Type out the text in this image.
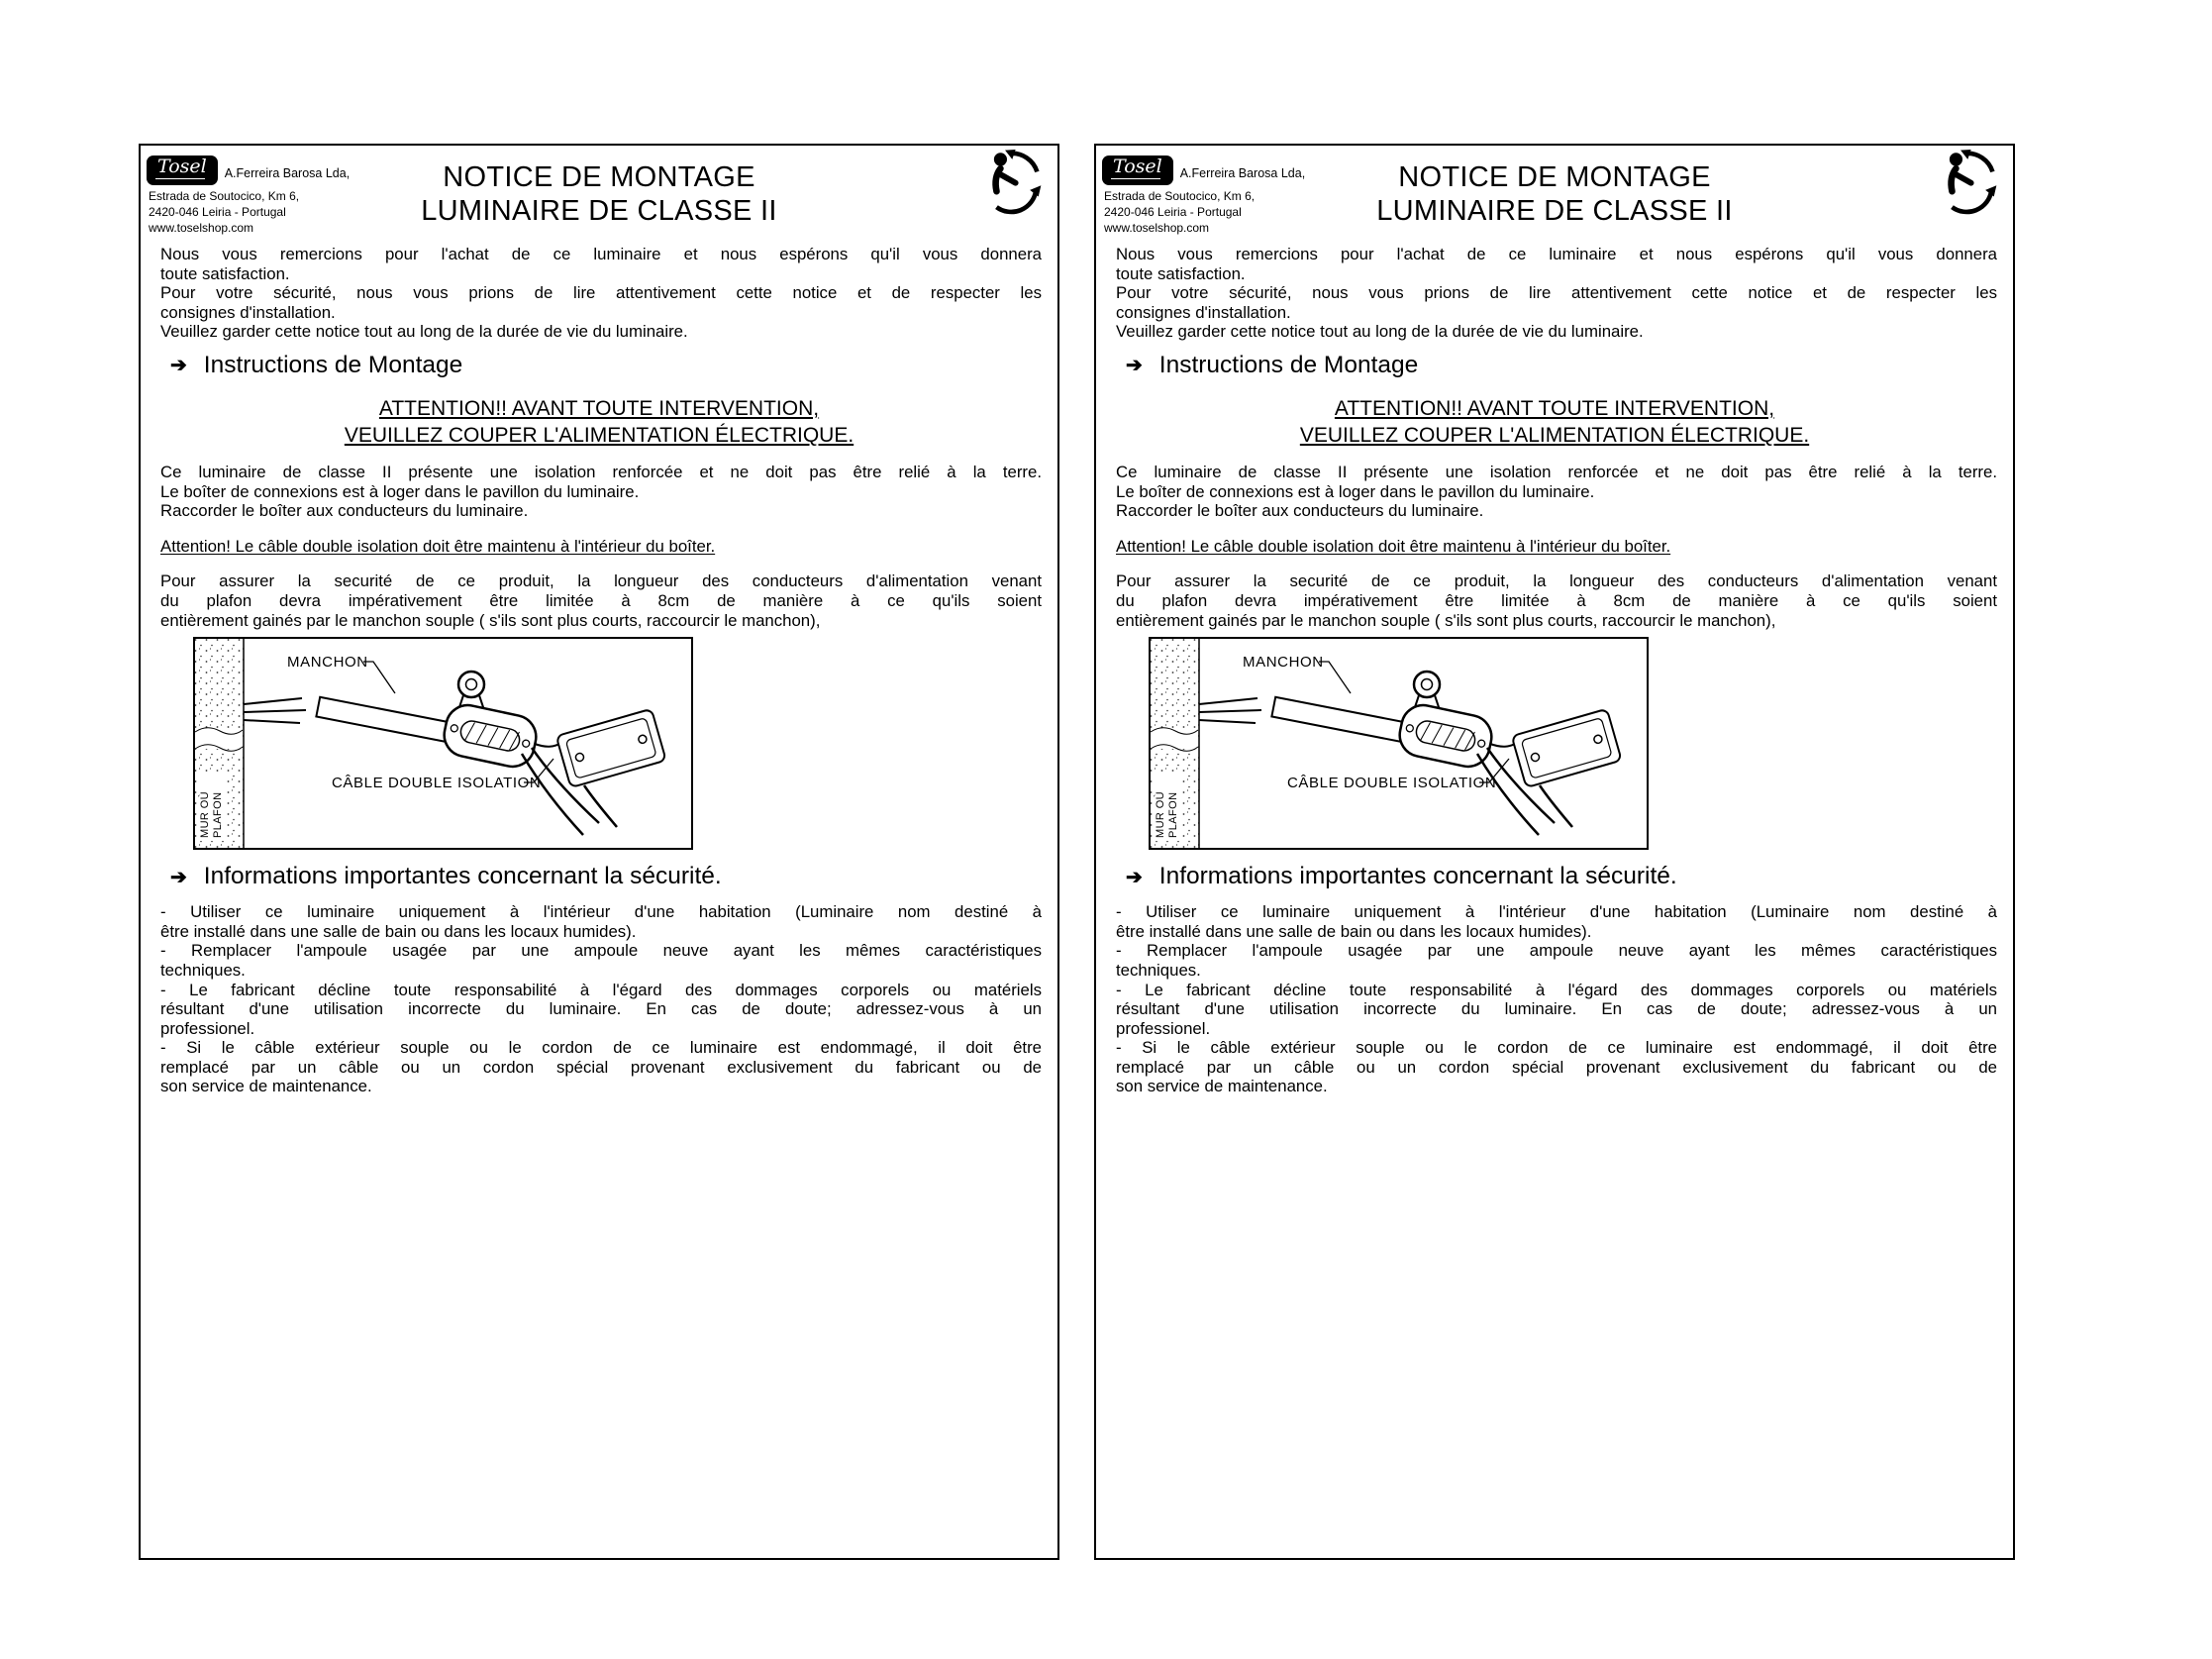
Tosel	A.Ferreira Barosa Lda,
Estrada de Soutocico, Km 6,
2420-046 Leiria - Portugal
www.toselshop.com
NOTICE DE MONTAGE
LUMINAIRE DE CLASSE II
Nous vous remercions pour l'achat de ce luminaire et nous espérons qu'il vous donnera
toute satisfaction.
Pour votre sécurité, nous vous prions de lire attentivement cette notice et de respecter les
consignes d'installation.
Veuillez garder cette notice tout au long de la durée de vie du luminaire.
➔ Instructions de Montage
ATTENTION!! AVANT TOUTE INTERVENTION,
VEUILLEZ COUPER L'ALIMENTATION ÉLECTRIQUE.
Ce luminaire de classe II présente une isolation renforcée et ne doit pas être relié à la terre.
Le boîter de connexions est à loger dans le pavillon du luminaire.
Raccorder le boîter aux conducteurs du luminaire.
Attention! Le câble double isolation doit être maintenu à l'intérieur du boîter.
Pour assurer la securité de ce produit, la longueur des conducteurs d'alimentation venant
du plafon devra impérativement être limitée à 8cm de manière à ce qu'ils soient
entièrement gainés par le manchon souple ( s'ils sont plus courts, raccourcir le manchon),
MANCHON
CÂBLE DOUBLE ISOLATION
MUR OÙ PLAFON
➔ Informations importantes concernant la sécurité.
- Utiliser ce luminaire uniquement à l'intérieur d'une habitation (Luminaire nom destiné à
être installé dans une salle de bain ou dans les locaux humides).
- Remplacer l'ampoule usagée par une ampoule neuve ayant les mêmes caractéristiques
techniques.
- Le fabricant décline toute responsabilité à l'égard des dommages corporels ou matériels
résultant d'une utilisation incorrecte du luminaire. En cas de doute; adressez-vous à un
professionel.
- Si le câble extérieur souple ou le cordon de ce luminaire est endommagé, il doit être
remplacé par un câble ou un cordon spécial provenant exclusivement du fabricant ou de
son service de maintenance.
Tosel	A.Ferreira Barosa Lda,
Estrada de Soutocico, Km 6,
2420-046 Leiria - Portugal
www.toselshop.com
NOTICE DE MONTAGE
LUMINAIRE DE CLASSE II
Nous vous remercions pour l'achat de ce luminaire et nous espérons qu'il vous donnera
toute satisfaction.
Pour votre sécurité, nous vous prions de lire attentivement cette notice et de respecter les
consignes d'installation.
Veuillez garder cette notice tout au long de la durée de vie du luminaire.
➔ Instructions de Montage
ATTENTION!! AVANT TOUTE INTERVENTION,
VEUILLEZ COUPER L'ALIMENTATION ÉLECTRIQUE.
Ce luminaire de classe II présente une isolation renforcée et ne doit pas être relié à la terre.
Le boîter de connexions est à loger dans le pavillon du luminaire.
Raccorder le boîter aux conducteurs du luminaire.
Attention! Le câble double isolation doit être maintenu à l'intérieur du boîter.
Pour assurer la securité de ce produit, la longueur des conducteurs d'alimentation venant
du plafon devra impérativement être limitée à 8cm de manière à ce qu'ils soient
entièrement gainés par le manchon souple ( s'ils sont plus courts, raccourcir le manchon),
MANCHON
CÂBLE DOUBLE ISOLATION
MUR OÙ PLAFON
➔ Informations importantes concernant la sécurité.
- Utiliser ce luminaire uniquement à l'intérieur d'une habitation (Luminaire nom destiné à
être installé dans une salle de bain ou dans les locaux humides).
- Remplacer l'ampoule usagée par une ampoule neuve ayant les mêmes caractéristiques
techniques.
- Le fabricant décline toute responsabilité à l'égard des dommages corporels ou matériels
résultant d'une utilisation incorrecte du luminaire. En cas de doute; adressez-vous à un
professionel.
- Si le câble extérieur souple ou le cordon de ce luminaire est endommagé, il doit être
remplacé par un câble ou un cordon spécial provenant exclusivement du fabricant ou de
son service de maintenance.
